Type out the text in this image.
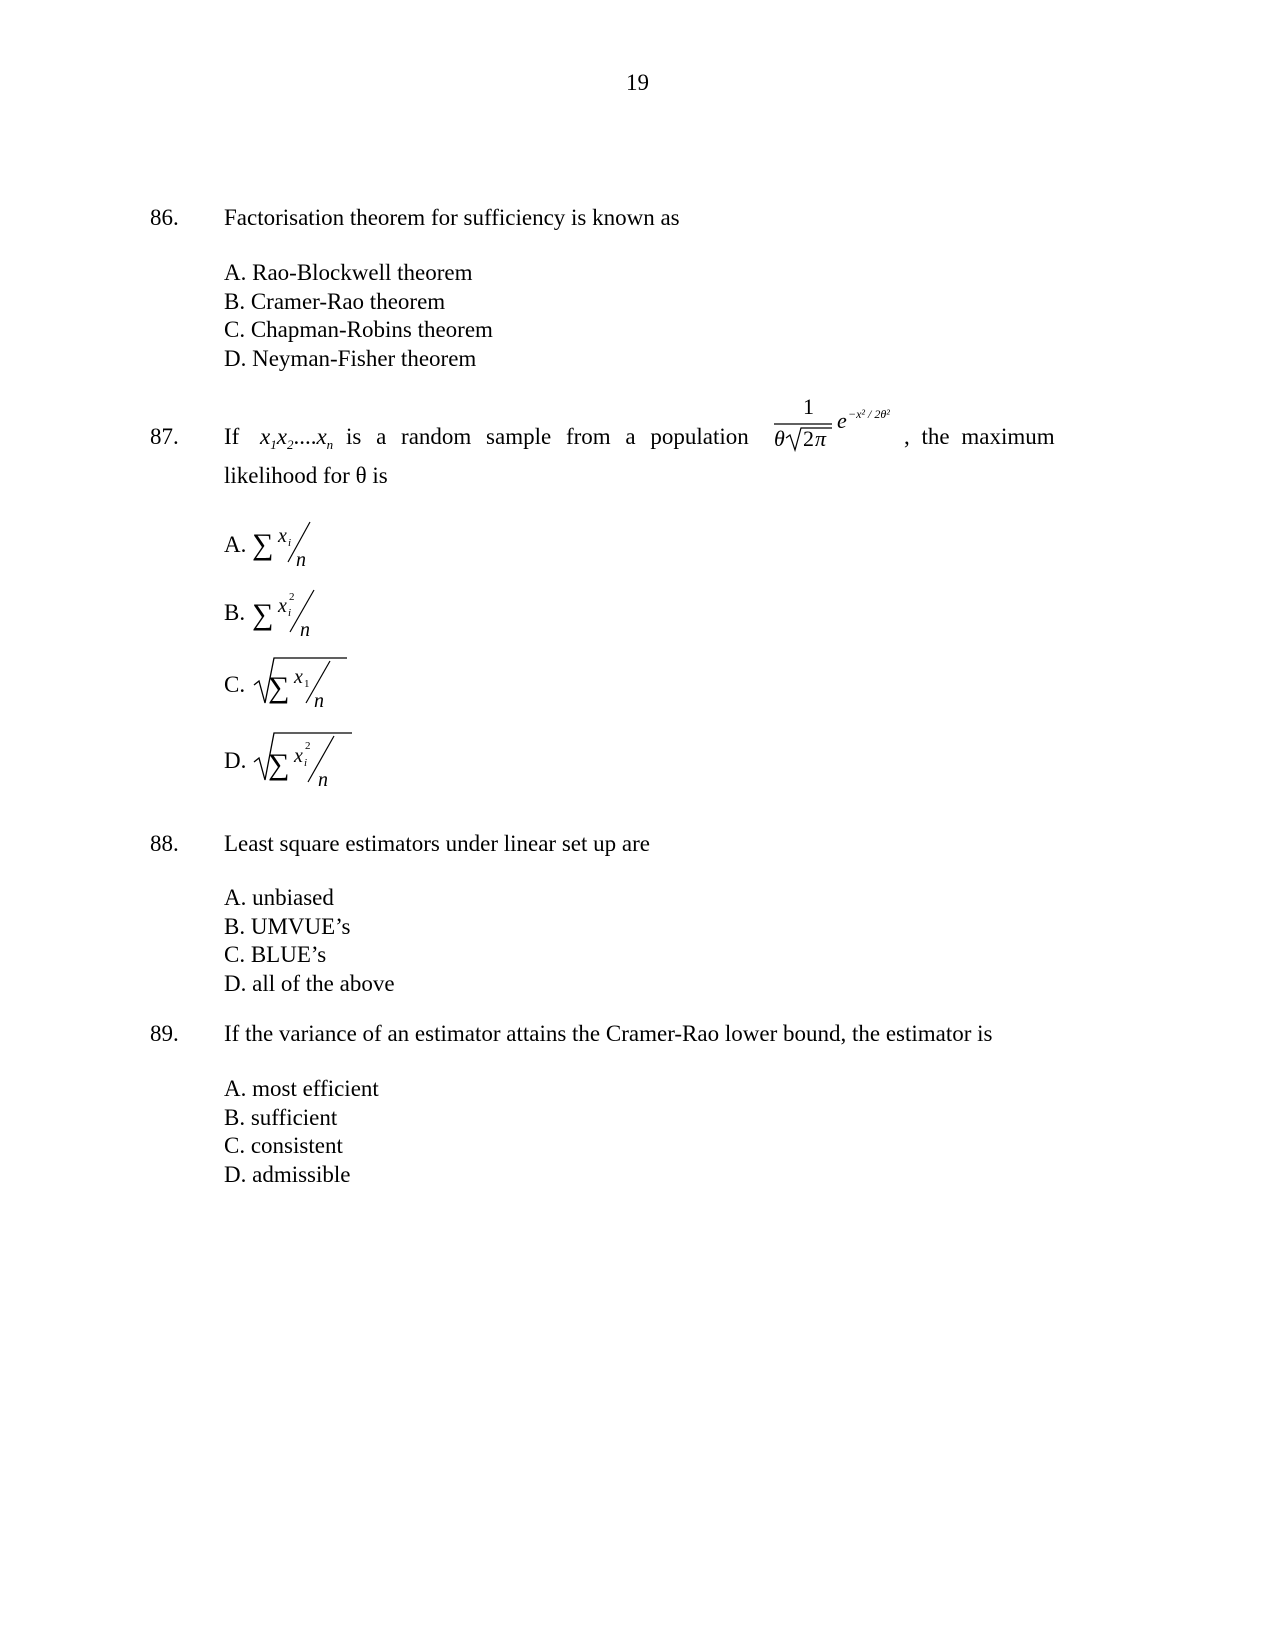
19
86. Factorisation theorem for sufficiency is known as
A. Rao-Blockwell theorem
B. Cramer-Rao theorem
C. Chapman-Robins theorem
D. Neyman-Fisher theorem
87. If $x_1x_2....x_n$ is a random sample from a population
1
θ 2 π
e −x² / 2θ²
, the maximum
likelihood for θ is
A. ∑ x i
n
B. ∑ x 2
i
n
C. ∑ x 1
n
D. ∑ x 2
i
n
88. Least square estimators under linear set up are
A. unbiased
B. UMVUE’s
C. BLUE’s
D. all of the above
89. If the variance of an estimator attains the Cramer-Rao lower bound, the estimator is
A. most efficient
B. sufficient
C. consistent
D. admissible
